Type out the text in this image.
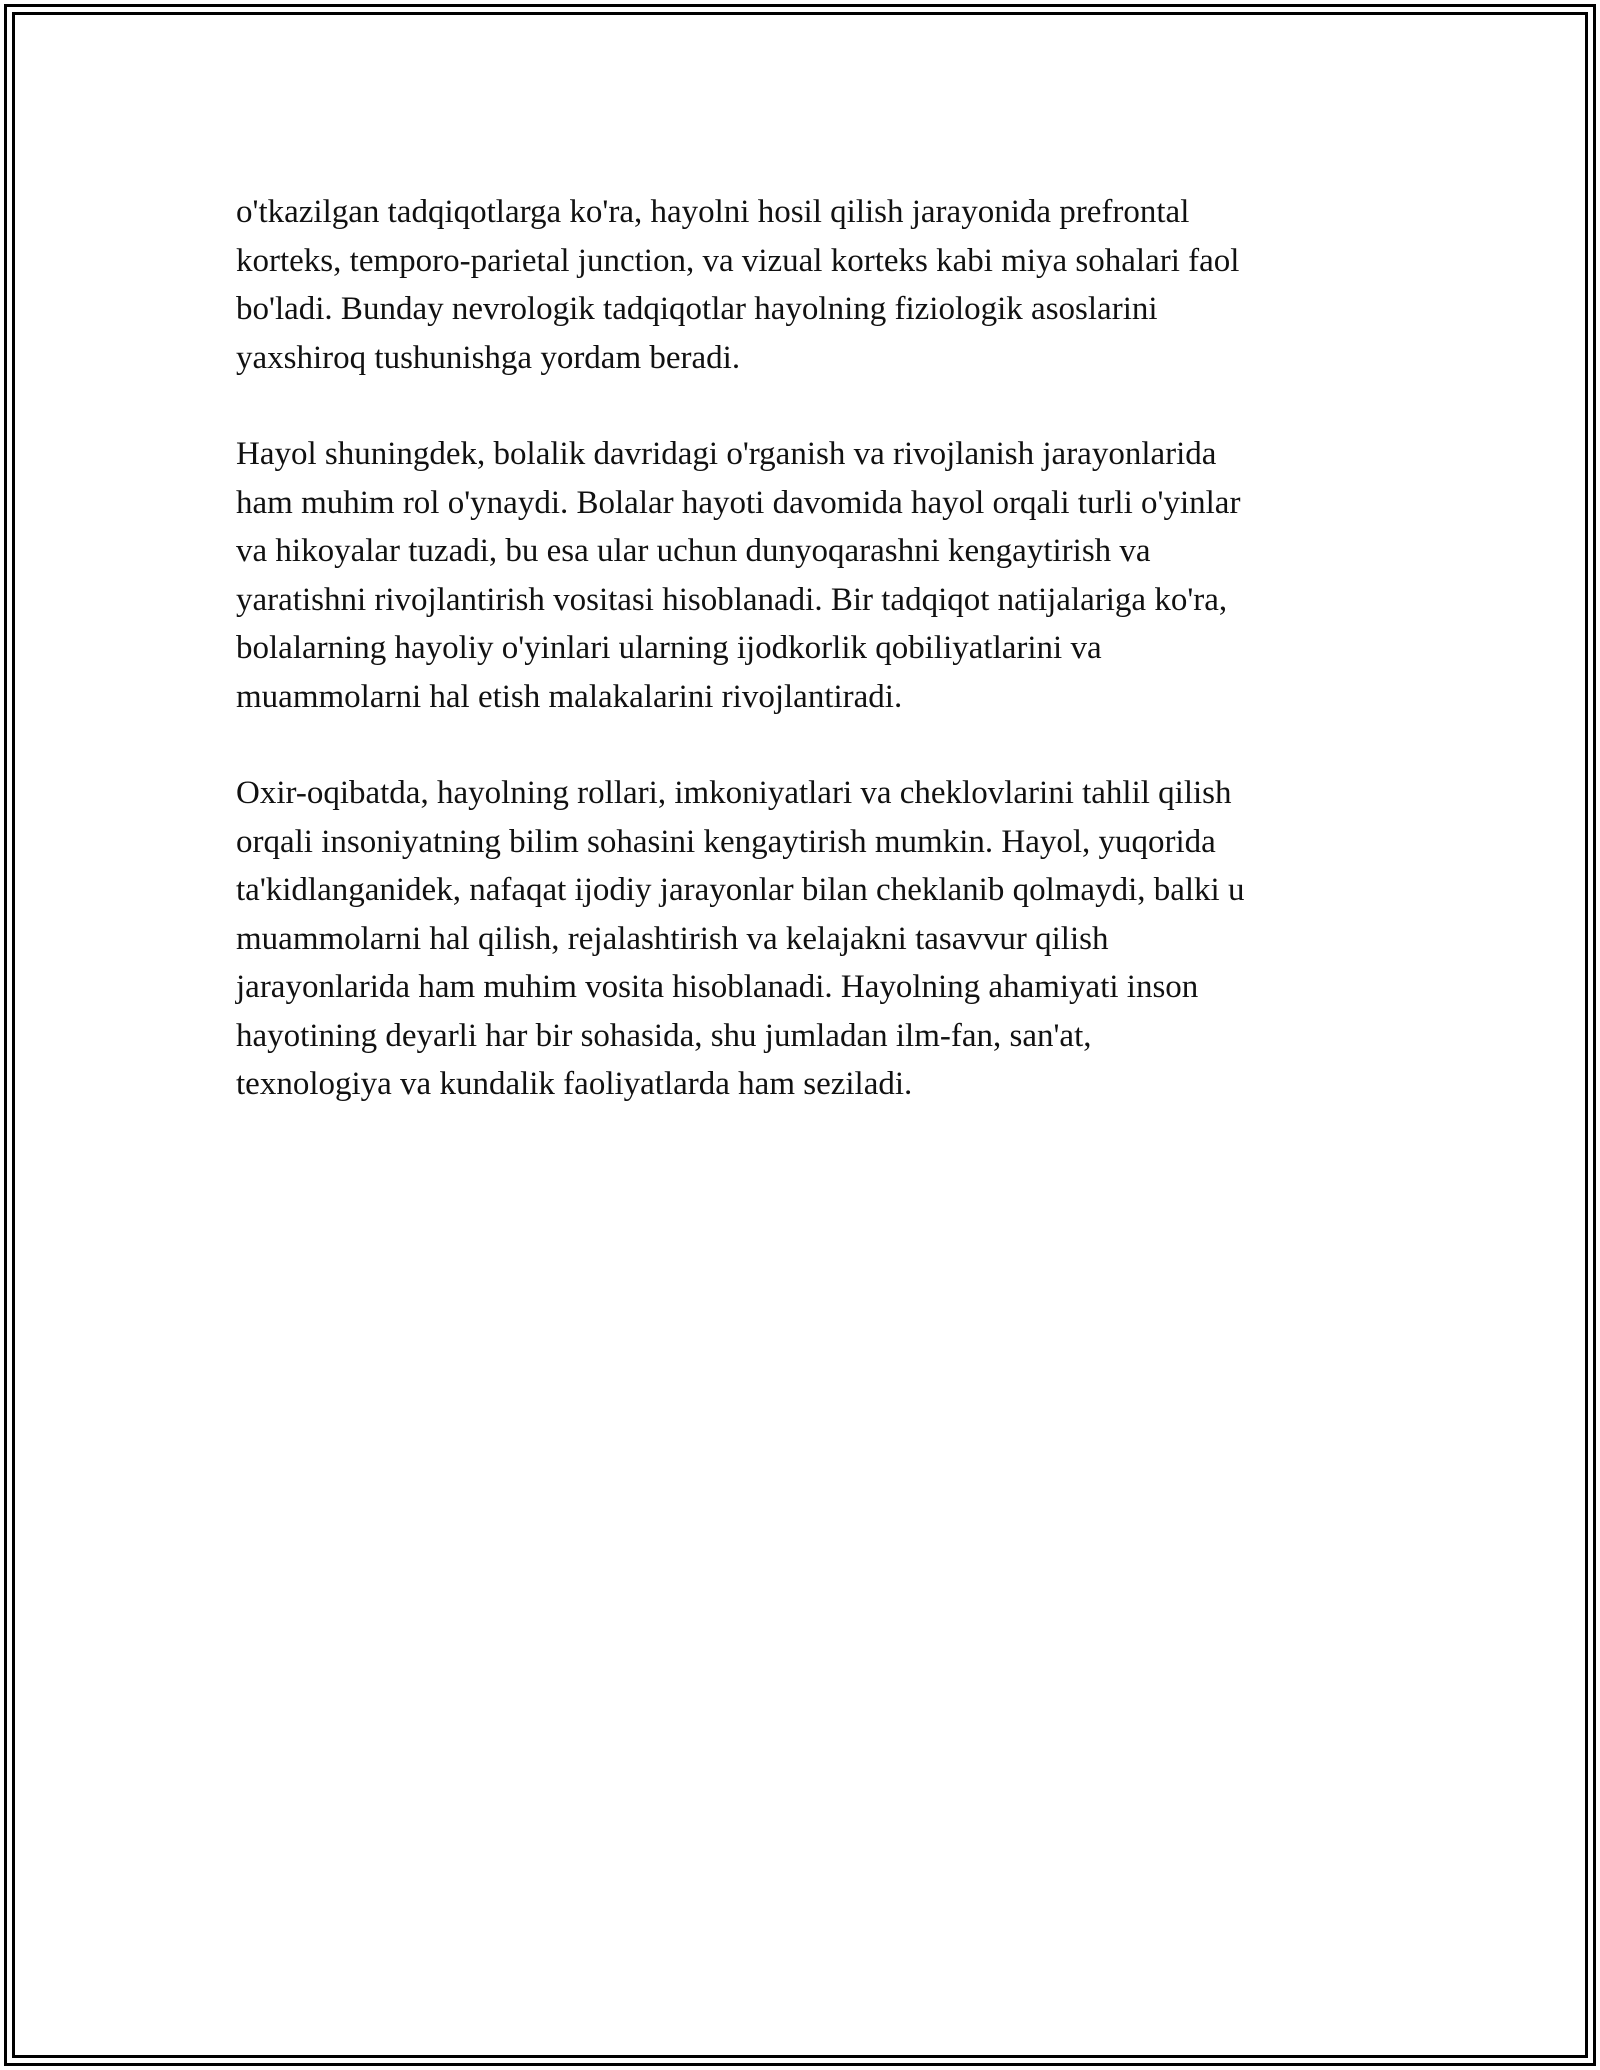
o'tkazilgan tadqiqotlarga ko'ra, hayolni hosil qilish jarayonida prefrontal
korteks, temporo-parietal junction, va vizual korteks kabi miya sohalari faol
bo'ladi. Bunday nevrologik tadqiqotlar hayolning fiziologik asoslarini
yaxshiroq tushunishga yordam beradi.

Hayol shuningdek, bolalik davridagi o'rganish va rivojlanish jarayonlarida
ham muhim rol o'ynaydi. Bolalar hayoti davomida hayol orqali turli o'yinlar
va hikoyalar tuzadi, bu esa ular uchun dunyoqarashni kengaytirish va
yaratishni rivojlantirish vositasi hisoblanadi. Bir tadqiqot natijalariga ko'ra,
bolalarning hayoliy o'yinlari ularning ijodkorlik qobiliyatlarini va
muammolarni hal etish malakalarini rivojlantiradi.

Oxir-oqibatda, hayolning rollari, imkoniyatlari va cheklovlarini tahlil qilish
orqali insoniyatning bilim sohasini kengaytirish mumkin. Hayol, yuqorida
ta'kidlanganidek, nafaqat ijodiy jarayonlar bilan cheklanib qolmaydi, balki u
muammolarni hal qilish, rejalashtirish va kelajakni tasavvur qilish
jarayonlarida ham muhim vosita hisoblanadi. Hayolning ahamiyati inson
hayotining deyarli har bir sohasida, shu jumladan ilm-fan, san'at,
texnologiya va kundalik faoliyatlarda ham seziladi.
